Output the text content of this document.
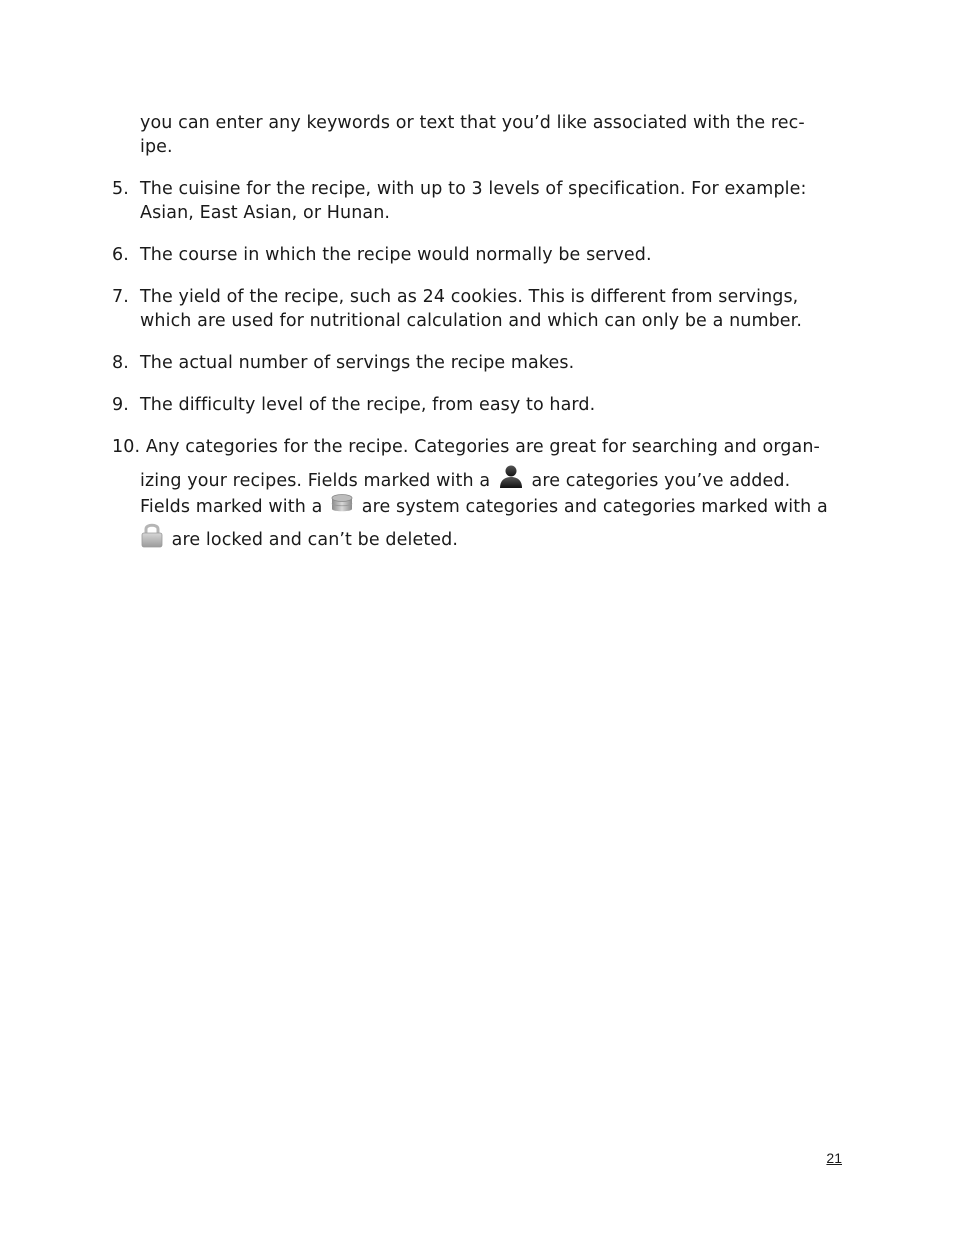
you can enter any keywords or text that you’d like associated with the rec-
ipe.
5. The cuisine for the recipe, with up to 3 levels of specification. For example:
Asian, East Asian, or Hunan.
6. The course in which the recipe would normally be served.
7. The yield of the recipe, such as 24 cookies. This is different from servings,
which are used for nutritional calculation and which can only be a number.
8. The actual number of servings the recipe makes.
9. The difficulty level of the recipe, from easy to hard.
10. Any categories for the recipe. Categories are great for searching and organ-
izing your recipes. Fields marked with a are categories you’ve added.
Fields marked with a are system categories and categories marked with a
are locked and can’t be deleted.
21
